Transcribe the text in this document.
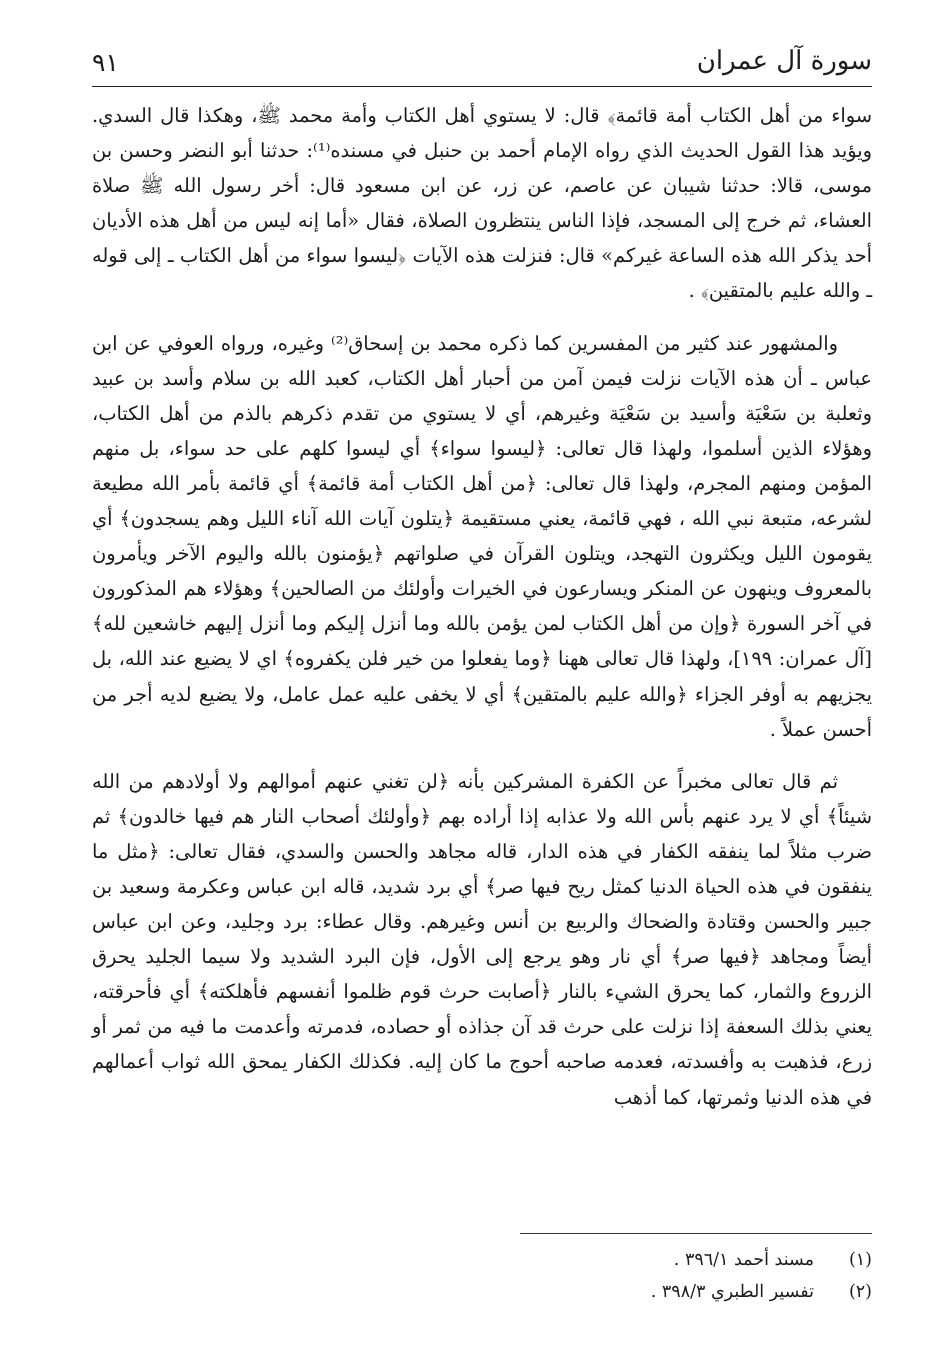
سورة آل عمران
٩١

سواء من أهل الكتاب أمة قائمة﴾ قال: لا يستوي أهل الكتاب وأمة محمد ﷺ، وهكذا قال السدي. ويؤيد هذا القول الحديث الذي رواه الإمام أحمد بن حنبل في مسنده⁽¹⁾: حدثنا أبو النضر وحسن بن موسى، قالا: حدثنا شيبان عن عاصم، عن زر، عن ابن مسعود قال: أخر رسول الله ﷺ صلاة العشاء، ثم خرج إلى المسجد، فإذا الناس ينتظرون الصلاة، فقال «أما إنه ليس من أهل هذه الأديان أحد يذكر الله هذه الساعة غيركم» قال: فنزلت هذه الآيات ﴿ليسوا سواء من أهل الكتاب ـ إلى قوله ـ والله عليم بالمتقين﴾ .

والمشهور عند كثير من المفسرين كما ذكره محمد بن إسحاق⁽²⁾ وغيره، ورواه العوفي عن ابن عباس ـ أن هذه الآيات نزلت فيمن آمن من أحبار أهل الكتاب، كعبد الله بن سلام وأسد بن عبيد وثعلبة بن سَعْيَة وأسيد بن سَعْيَة وغيرهم، أي لا يستوي من تقدم ذكرهم بالذم من أهل الكتاب، وهؤلاء الذين أسلموا، ولهذا قال تعالى: ﴿ليسوا سواء﴾ أي ليسوا كلهم على حد سواء، بل منهم المؤمن ومنهم المجرم، ولهذا قال تعالى: ﴿من أهل الكتاب أمة قائمة﴾ أي قائمة بأمر الله مطيعة لشرعه، متبعة نبي الله ، فهي قائمة، يعني مستقيمة ﴿يتلون آيات الله آناء الليل وهم يسجدون﴾ أي يقومون الليل ويكثرون التهجد، ويتلون القرآن في صلواتهم ﴿يؤمنون بالله واليوم الآخر ويأمرون بالمعروف وينهون عن المنكر ويسارعون في الخيرات وأولئك من الصالحين﴾ وهؤلاء هم المذكورون في آخر السورة ﴿وإن من أهل الكتاب لمن يؤمن بالله وما أنزل إليكم وما أنزل إليهم خاشعين لله﴾ [آل عمران: ١٩٩]، ولهذا قال تعالى ههنا ﴿وما يفعلوا من خير فلن يكفروه﴾ اي لا يضيع عند الله، بل يجزيهم به أوفر الجزاء ﴿والله عليم بالمتقين﴾ أي لا يخفى عليه عمل عامل، ولا يضيع لديه أجر من أحسن عملاً .

ثم قال تعالى مخبراً عن الكفرة المشركين بأنه ﴿لن تغني عنهم أموالهم ولا أولادهم من الله شيئاً﴾ أي لا يرد عنهم بأس الله ولا عذابه إذا أراده بهم ﴿وأولئك أصحاب النار هم فيها خالدون﴾ ثم ضرب مثلاً لما ينفقه الكفار في هذه الدار، قاله مجاهد والحسن والسدي، فقال تعالى: ﴿مثل ما ينفقون في هذه الحياة الدنيا كمثل ريح فيها صر﴾ أي برد شديد، قاله ابن عباس وعكرمة وسعيد بن جبير والحسن وقتادة والضحاك والربيع بن أنس وغيرهم. وقال عطاء: برد وجليد، وعن ابن عباس أيضاً ومجاهد ﴿فيها صر﴾ أي نار وهو يرجع إلى الأول، فإن البرد الشديد ولا سيما الجليد يحرق الزروع والثمار، كما يحرق الشيء بالنار ﴿أصابت حرث قوم ظلموا أنفسهم فأهلكته﴾ أي فأحرقته، يعني بذلك السعفة إذا نزلت على حرث قد آن جذاذه أو حصاده، فدمرته وأعدمت ما فيه من ثمر أو زرع، فذهبت به وأفسدته، فعدمه صاحبه أحوج ما كان إليه. فكذلك الكفار يمحق الله ثواب أعمالهم في هذه الدنيا وثمرتها، كما أذهب

(١)مسند أحمد ٣٩٦/١ .
(٢)تفسير الطبري ٣٩٨/٣ .
